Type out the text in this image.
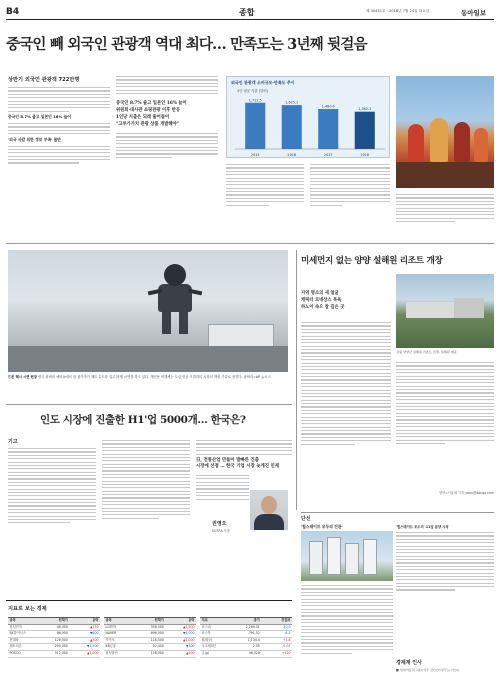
B4	종합	제 30451호 · 2018년 7월 24일 화요일	동아일보
중국인 빼 외국인 관광객 역대 최다… 만족도는 3년째 뒷걸음
상반기 외국인 관광객 722만명
중국인 8.7% 줄고 일본인 16% 늘어
'외국 사람 위한 정보 부족' 불만
중국인 8.7% 줄고 일본인 16% 늘어
위원회·대사관 쇼핑관광 이후 반등
1인당 지출은 되레 줄어들어
"고부가가치 관광 상품 개발해야"
외국인 관광객 소비규모·만족도 추이
1인 평균 지출 (달러)
1,712.5
2015
1,625.1
2016
1,480.6
2017
1,382.3
2018
드론 택시 시연 현장 영국 판버러 에어쇼에서 한 참가자가 제트 슈트를 입고 비행 시연을 하고 있다. 개인용 비행체는 도심 항공 모빌리티 시장의 핵심 기술로 꼽힌다. 판버러=AP 뉴시스
미세먼지 없는 양양 설해원 리조트 개장
지역 명소의 새 얼굴
캐릭터 르네상스 목욕
하노이 속으 참 깊은 곳
강원 양양군 설해원 리조트 전경. 설해원 제공
양양=이윤희 기자 yoon@donga.com
인도 시장에 진출한 H1'업 5000개… 한국은?
기고
日, 전통산업 만들어 발빠른 진출
시장에 선점 … 한국 기업 시장 늦게진 인재
권영오
KOTRA 사장
단신
'힐스테이트 모두의 진관'	'힐스테이트 모두의' 11일 분양 시작
경제계 인사
■ 현대자동차그룹◇상무 김○○◇상무보 이○○
지표로 보는 경제
종목	현재가	등락
삼성전자	46,350	▲150
SK하이닉스	86,900	▼600
현대차	126,500	▲500
셀트리온	290,000	▼1,500
POSCO	312,000	▲2,000
종목	현재가	등락
LG화학	358,500	▲3,500
NAVER	698,000	▼4,000
카카오	116,500	▲1,000
KB금융	52,400	▼300
삼성물산	118,000	▲500
지표	종가	전일비
코스피	2,269.31	-20.0
코스닥	791.52	-6.2
원/달러	1,134.4	+1.8
국고채3년	2.05	-0.01
금(g)	46,320	+120
